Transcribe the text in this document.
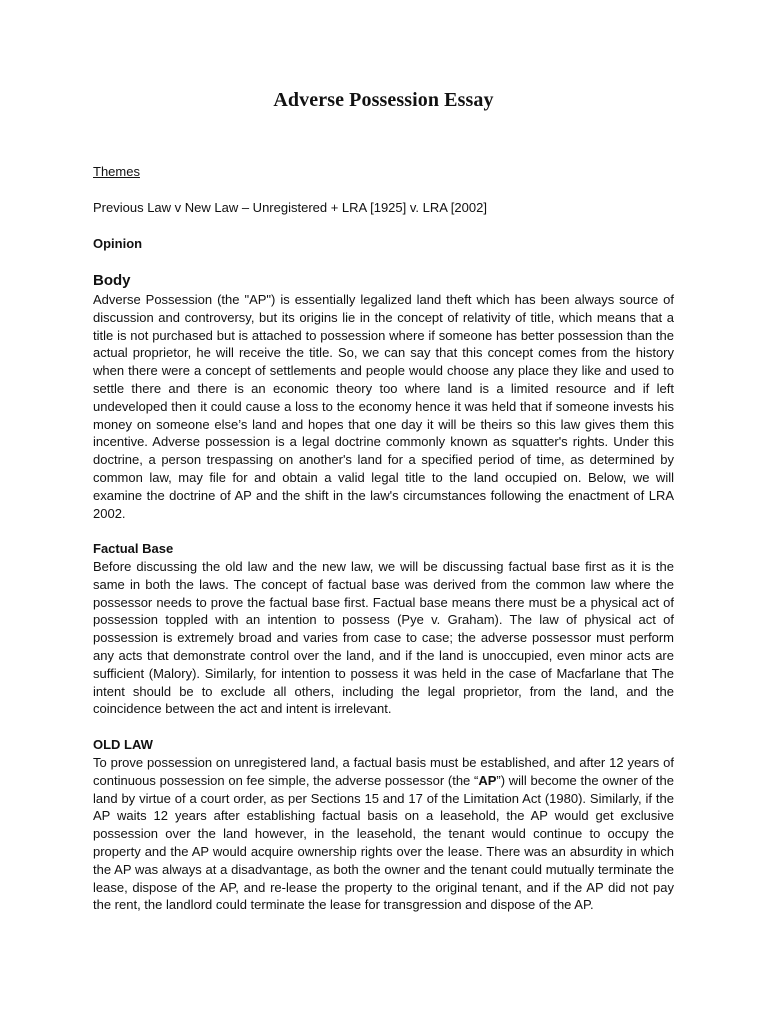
Adverse Possession Essay
Themes
Previous Law v New Law – Unregistered + LRA [1925] v. LRA [2002]
Opinion
Body

Adverse Possession (the "AP") is essentially legalized land theft which has been always source of discussion and controversy, but its origins lie in the concept of relativity of title, which means that a title is not purchased but is attached to possession where if someone has better possession than the actual proprietor, he will receive the title. So, we can say that this concept comes from the history when there were a concept of settlements and people would choose any place they like and used to settle there and there is an economic theory too where land is a limited resource and if left undeveloped then it could cause a loss to the economy hence it was held that if someone invests his money on someone else’s land and hopes that one day it will be theirs so this law gives them this incentive. Adverse possession is a legal doctrine commonly known as squatter's rights. Under this doctrine, a person trespassing on another's land for a specified period of time, as determined by common law, may file for and obtain a valid legal title to the land occupied on. Below, we will examine the doctrine of AP and the shift in the law's circumstances following the enactment of LRA 2002.

Factual Base

Before discussing the old law and the new law, we will be discussing factual base first as it is the same in both the laws. The concept of factual base was derived from the common law where the possessor needs to prove the factual base first. Factual base means there must be a physical act of possession toppled with an intention to possess (Pye v. Graham). The law of physical act of possession is extremely broad and varies from case to case; the adverse possessor must perform any acts that demonstrate control over the land, and if the land is unoccupied, even minor acts are sufficient (Malory). Similarly, for intention to possess it was held in the case of Macfarlane that The intent should be to exclude all others, including the legal proprietor, from the land, and the coincidence between the act and intent is irrelevant.

OLD LAW

To prove possession on unregistered land, a factual basis must be established, and after 12 years of continuous possession on fee simple, the adverse possessor (the “AP”) will become the owner of the land by virtue of a court order, as per Sections 15 and 17 of the Limitation Act (1980). Similarly, if the AP waits 12 years after establishing factual basis on a leasehold, the AP would get exclusive possession over the land however, in the leasehold, the tenant would continue to occupy the property and the AP would acquire ownership rights over the lease. There was an absurdity in which the AP was always at a disadvantage, as both the owner and the tenant could mutually terminate the lease, dispose of the AP, and re-lease the property to the original tenant, and if the AP did not pay the rent, the landlord could terminate the lease for transgression and dispose of the AP.
